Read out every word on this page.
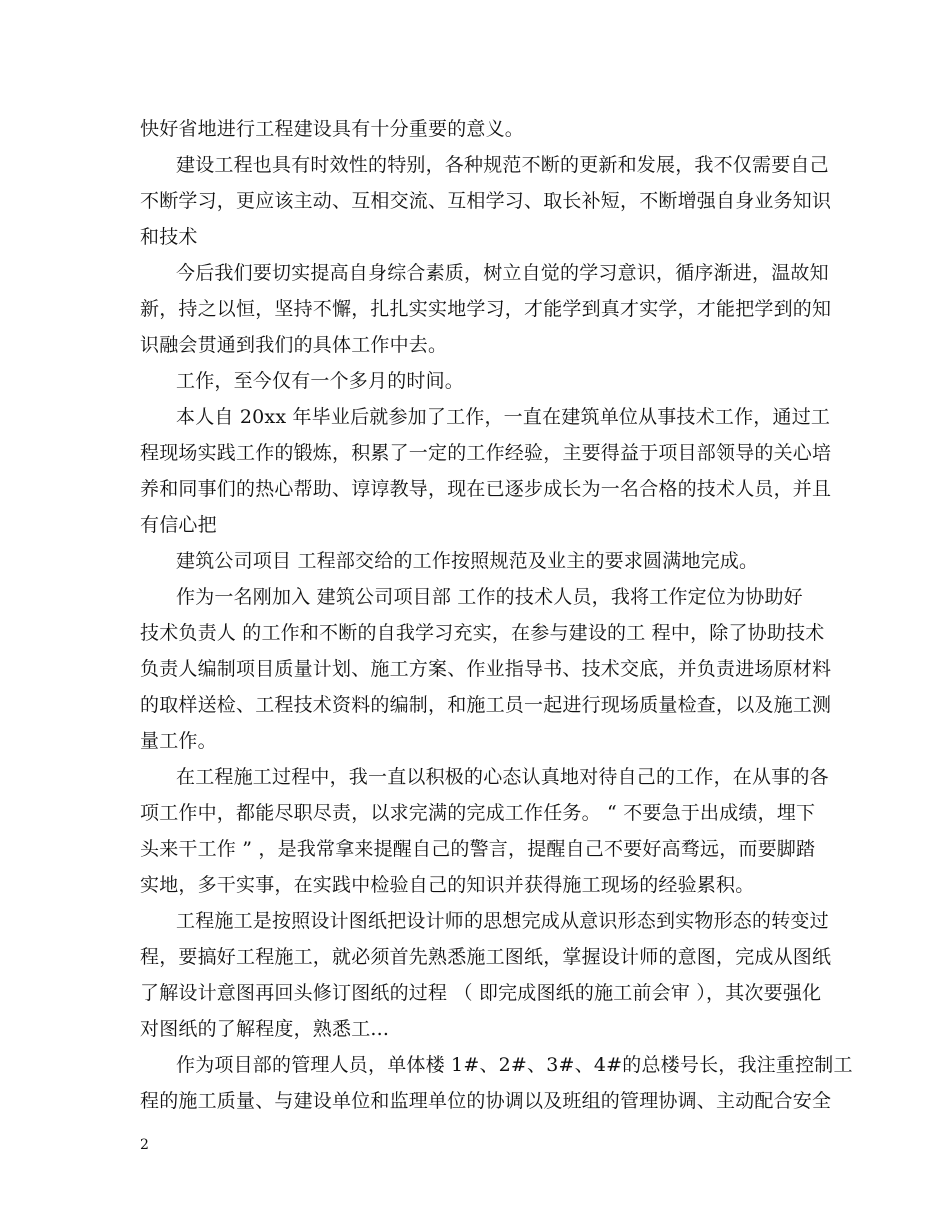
快好省地进行工程建设具有十分重要的意义。
建设工程也具有时效性的特别，各种规范不断的更新和发展，我不仅需要自己
不断学习，更应该主动、互相交流、互相学习、取长补短，不断增强自身业务知识
和技术
今后我们要切实提高自身综合素质，树立自觉的学习意识，循序渐进，温故知
新，持之以恒，坚持不懈，扎扎实实地学习，才能学到真才实学，才能把学到的知
识融会贯通到我们的具体工作中去。
工作，至今仅有一个多月的时间。
本人自 20xx 年毕业后就参加了工作，一直在建筑单位从事技术工作，通过工
程现场实践工作的锻炼，积累了一定的工作经验，主要得益于项目部领导的关心培
养和同事们的热心帮助、谆谆教导，现在已逐步成长为一名合格的技术人员，并且
有信心把
建筑公司项目 工程部交给的工作按照规范及业主的要求圆满地完成。
作为一名刚加入 建筑公司项目部 工作的技术人员，我将工作定位为协助好
技术负责人 的工作和不断的自我学习充实，在参与建设的工 程中，除了协助技术
负责人编制项目质量计划、施工方案、作业指导书、技术交底，并负责进场原材料
的取样送检、工程技术资料的编制，和施工员一起进行现场质量检查，以及施工测
量工作。
在工程施工过程中，我一直以积极的心态认真地对待自己的工作，在从事的各
项工作中，都能尽职尽责，以求完满的完成工作任务。 “ 不要急于出成绩，埋下
头来干工作 ” ，是我常拿来提醒自己的警言，提醒自己不要好高骛远，而要脚踏
实地，多干实事，在实践中检验自己的知识并获得施工现场的经验累积。
工程施工是按照设计图纸把设计师的思想完成从意识形态到实物形态的转变过
程，要搞好工程施工，就必须首先熟悉施工图纸，掌握设计师的意图，完成从图纸
了解设计意图再回头修订图纸的过程 （ 即完成图纸的施工前会审 ），其次要强化
对图纸的了解程度，熟悉工...
作为项目部的管理人员，单体楼 1#、2#、3#、4#的总楼号长，我注重控制工
程的施工质量、与建设单位和监理单位的协调以及班组的管理协调、主动配合安全
2
